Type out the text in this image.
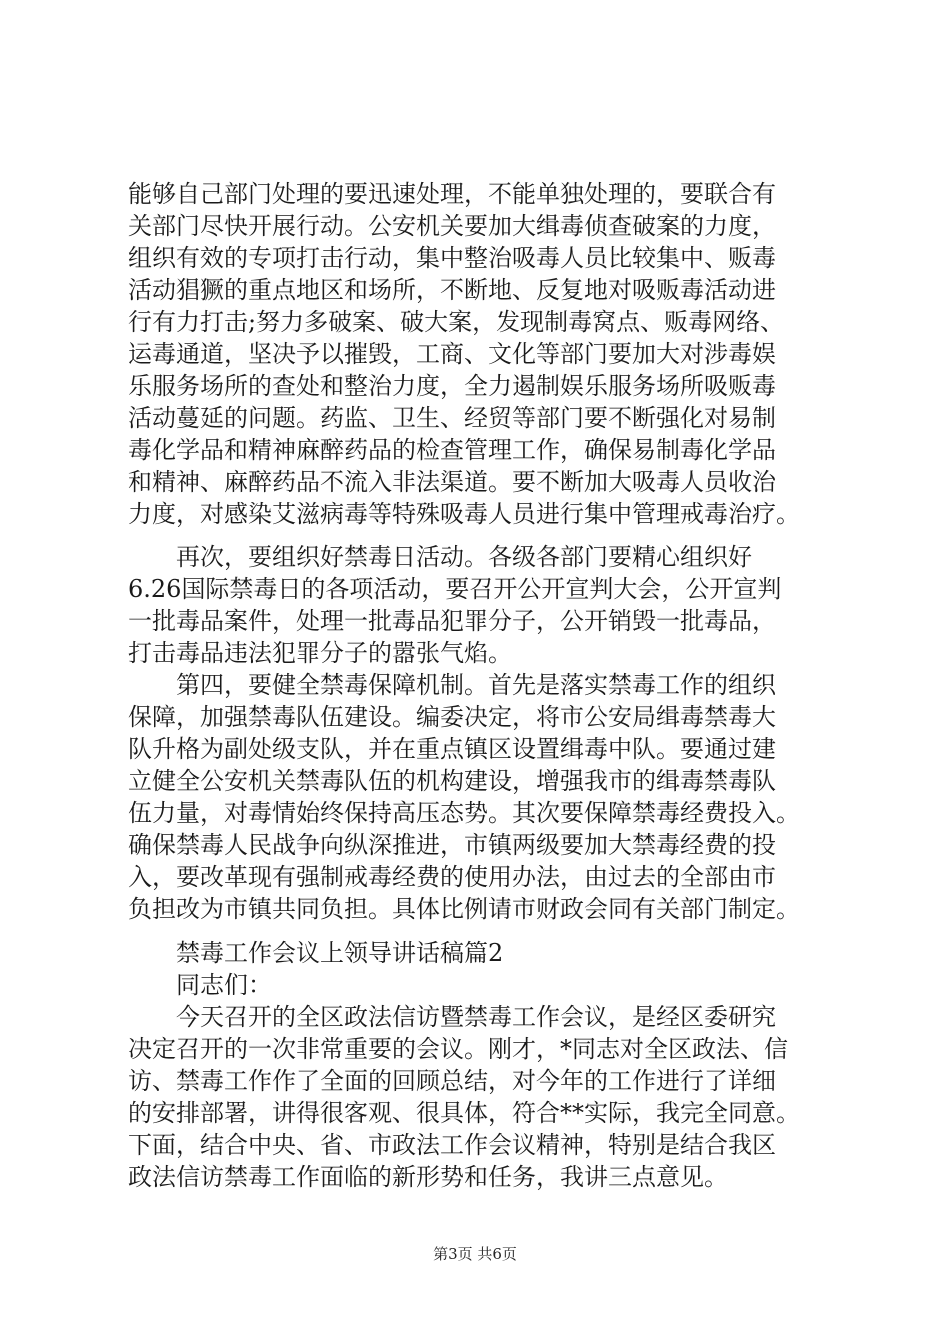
能够自己部门处理的要迅速处理，不能单独处理的，要联合有
关部门尽快开展行动。公安机关要加大缉毒侦查破案的力度，
组织有效的专项打击行动，集中整治吸毒人员比较集中、贩毒
活动猖獗的重点地区和场所，不断地、反复地对吸贩毒活动进
行有力打击;努力多破案、破大案，发现制毒窝点、贩毒网络、
运毒通道，坚决予以摧毁，工商、文化等部门要加大对涉毒娱
乐服务场所的查处和整治力度，全力遏制娱乐服务场所吸贩毒
活动蔓延的问题。药监、卫生、经贸等部门要不断强化对易制
毒化学品和精神麻醉药品的检查管理工作，确保易制毒化学品
和精神、麻醉药品不流入非法渠道。要不断加大吸毒人员收治
力度，对感染艾滋病毒等特殊吸毒人员进行集中管理戒毒治疗。
　　再次，要组织好禁毒日活动。各级各部门要精心组织好
6.26国际禁毒日的各项活动，要召开公开宣判大会，公开宣判
一批毒品案件，处理一批毒品犯罪分子，公开销毁一批毒品，
打击毒品违法犯罪分子的嚣张气焰。
　　第四，要健全禁毒保障机制。首先是落实禁毒工作的组织
保障，加强禁毒队伍建设。编委决定，将市公安局缉毒禁毒大
队升格为副处级支队，并在重点镇区设置缉毒中队。要通过建
立健全公安机关禁毒队伍的机构建设，增强我市的缉毒禁毒队
伍力量，对毒情始终保持高压态势。其次要保障禁毒经费投入。
确保禁毒人民战争向纵深推进，市镇两级要加大禁毒经费的投
入，要改革现有强制戒毒经费的使用办法，由过去的全部由市
负担改为市镇共同负担。具体比例请市财政会同有关部门制定。
　　禁毒工作会议上领导讲话稿篇2
　　同志们：
　　今天召开的全区政法信访暨禁毒工作会议，是经区委研究
决定召开的一次非常重要的会议。刚才，*同志对全区政法、信
访、禁毒工作作了全面的回顾总结，对今年的工作进行了详细
的安排部署，讲得很客观、很具体，符合**实际，我完全同意。
下面，结合中央、省、市政法工作会议精神，特别是结合我区
政法信访禁毒工作面临的新形势和任务，我讲三点意见。
第3页 共6页
